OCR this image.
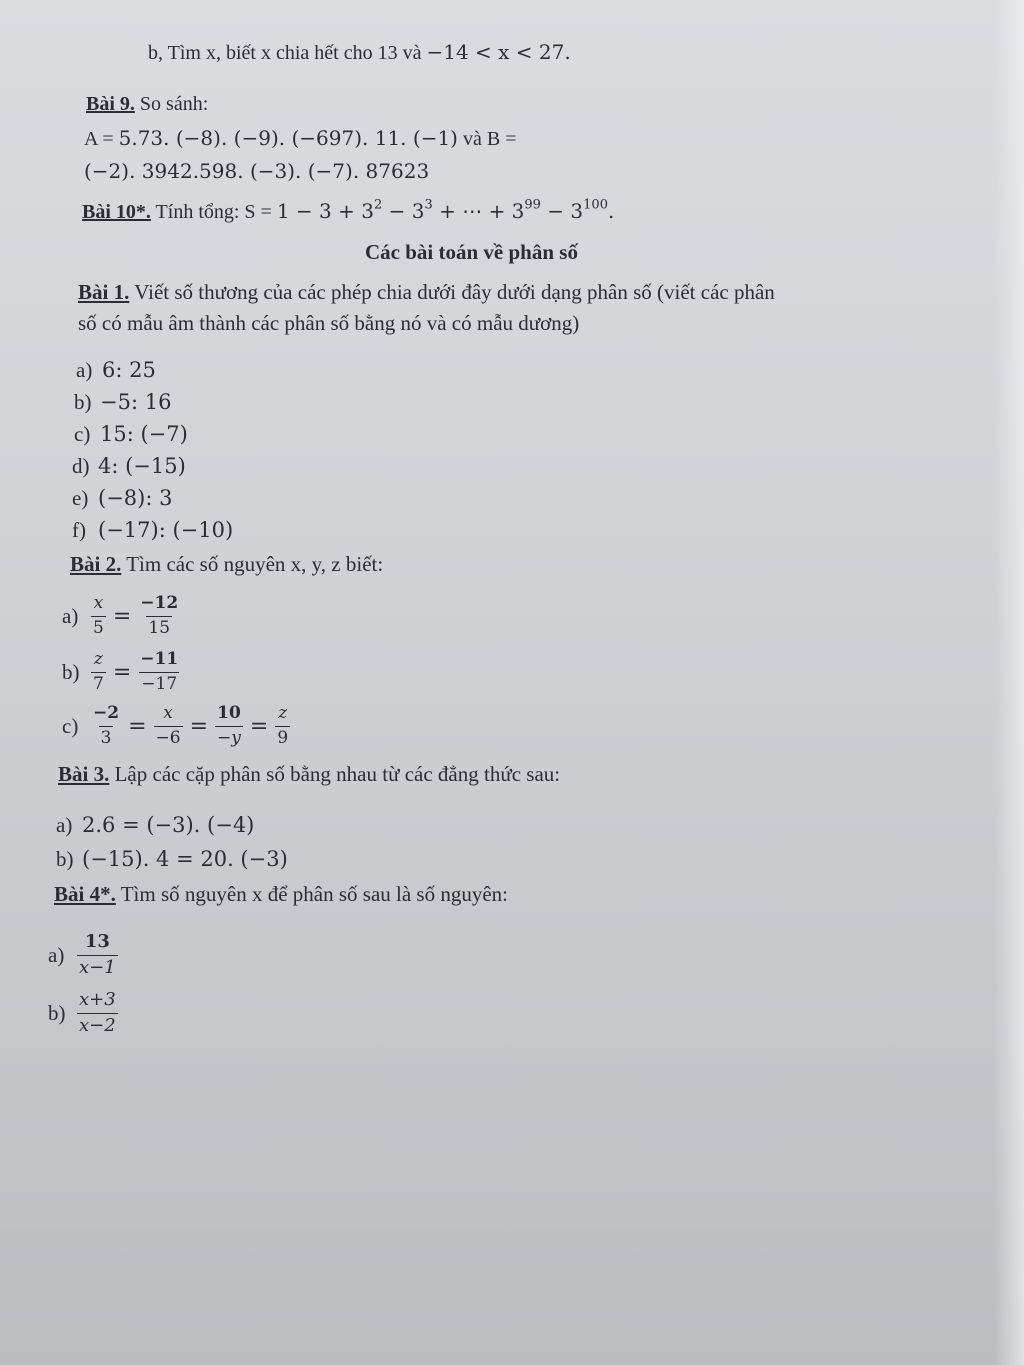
b, Tìm x, biết x chia hết cho 13 và −14 < x < 27.
Bài 9. So sánh:
A = 5.73. (−8). (−9). (−697). 11. (−1) và B =
(−2). 3942.598. (−3). (−7). 87623
Bài 10*. Tính tổng: $S = 1 - 3 + 3^2 - 3^3$ + ⋯ + $3^{99} - 3^{100}$.
Các bài toán về phân số
Bài 1. Viết số thương của các phép chia dưới đây dưới dạng phân số (viết các phân
số có mẫu âm thành các phân số bằng nó và có mẫu dương)
a) 6: 25
b) −5: 16
c) 15: (−7)
d) 4: (−15)
e) (−8): 3
f) (−17): (−10)
Bài 2. Tìm các số nguyên x, y, z biết:
$a) \frac{x}{5} = \frac{-12}{15}$
$b) \frac{z}{7} = \frac{-11}{-17}$
$c) \frac{-2}{3} = \frac{x}{-6} = \frac{10}{-y} = \frac{z}{9}$
Bài 3. Lập các cặp phân số bằng nhau từ các đẳng thức sau:
a) 2.6 = (−3). (−4)
b) (−15). 4 = 20. (−3)
Bài 4*. Tìm số nguyên x để phân số sau là số nguyên:
$a) \frac{13}{x-1}$
$b) \frac{x+3}{x-2}$
